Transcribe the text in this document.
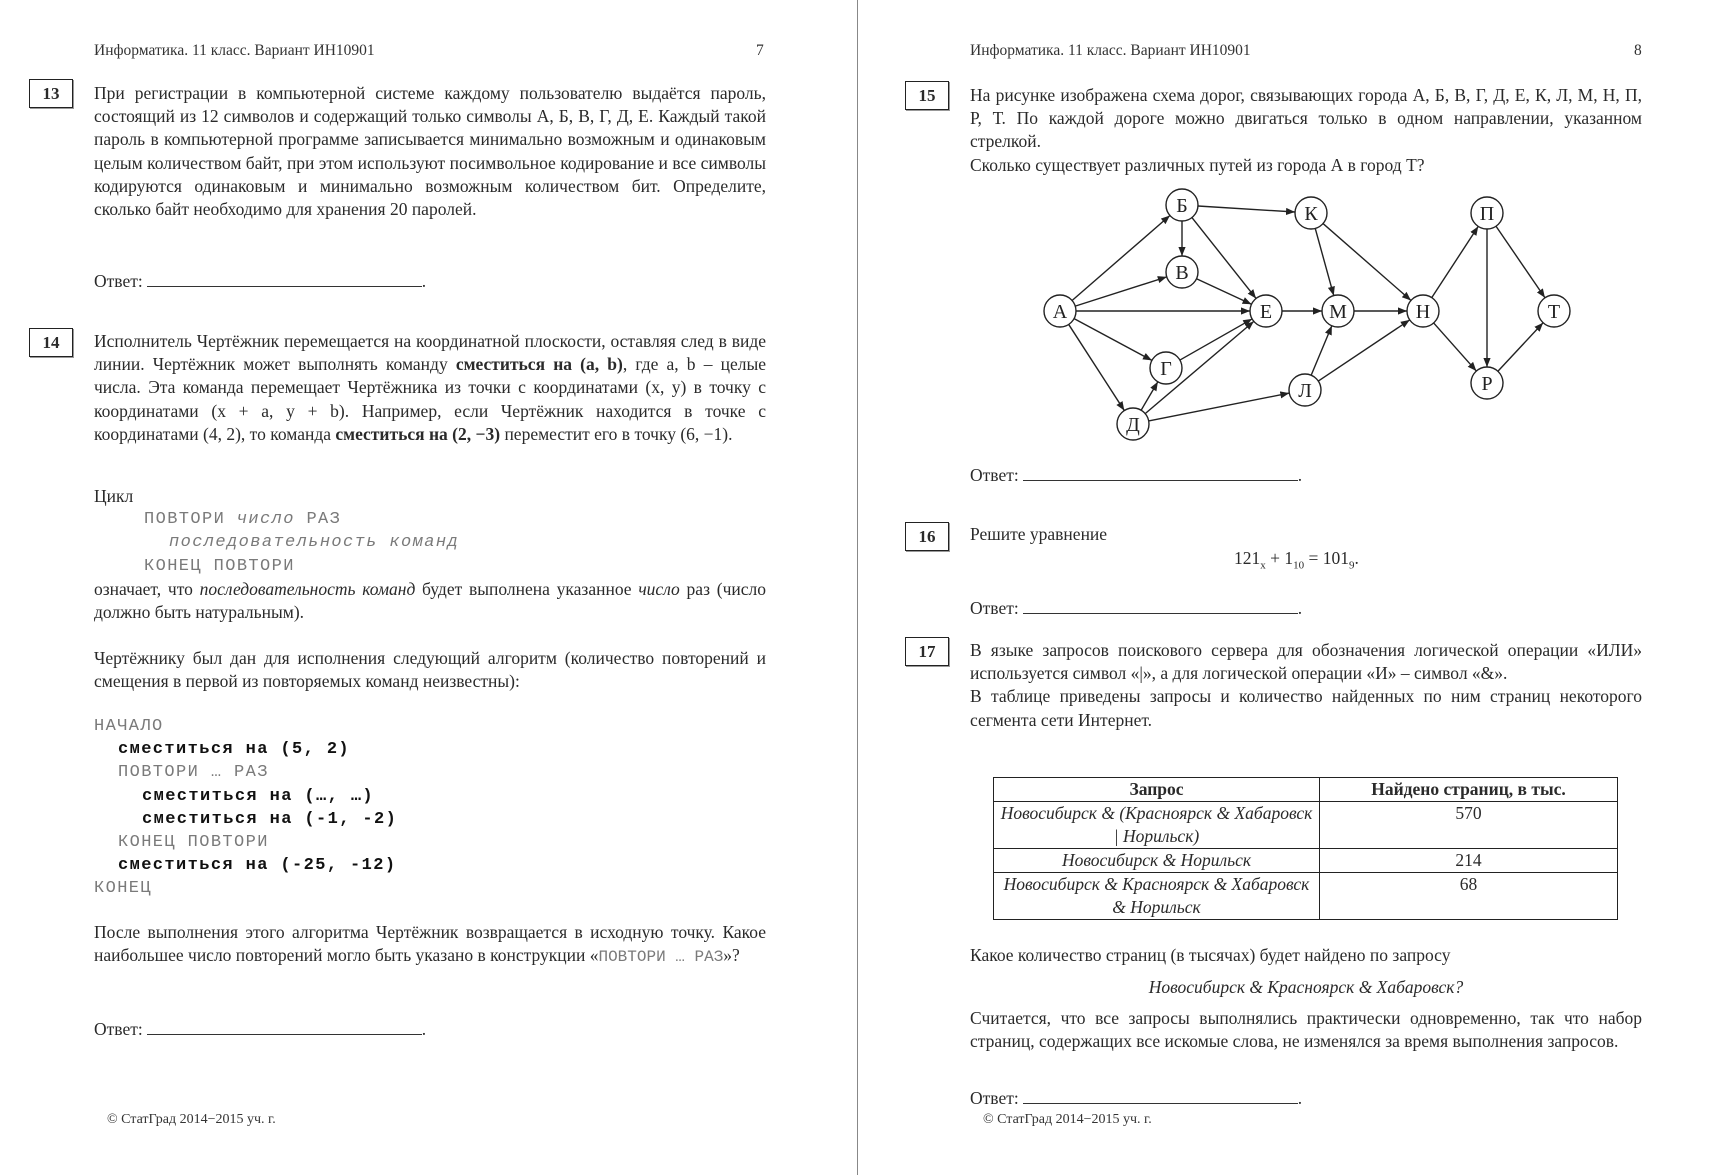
Информатика. 11 класс. Вариант ИН10901	7
13	При регистрации в компьютерной системе каждому пользователю выдаётся пароль, состоящий из 12 символов и содержащий только символы А, Б, В, Г, Д, Е. Каждый такой пароль в компьютерной программе записывается минимально возможным и одинаковым целым количеством байт, при этом используют посимвольное кодирование и все символы кодируются одинаковым и минимально возможным количеством бит. Определите, сколько байт необходимо для хранения 20 паролей.

Ответ:	.
14	Исполнитель Чертёжник перемещается на координатной плоскости, оставляя след в виде линии. Чертёжник может выполнять команду сместиться на (a, b), где a, b – целые числа. Эта команда перемещает Чертёжника из точки с координатами (x, y) в точку с координатами (x + a, y + b). Например, если Чертёжник находится в точке с координатами (4, 2), то команда сместиться на (2, −3) переместит его в точку (6, −1).

Цикл
ПОВТОРИ число РАЗ
последовательность команд
КОНЕЦ ПОВТОРИ

означает, что последовательность команд будет выполнена указанное число раз (число должно быть натуральным).

Чертёжнику был дан для исполнения следующий алгоритм (количество повторений и смещения в первой из повторяемых команд неизвестны):

НАЧАЛО
сместиться на (5, 2)
ПОВТОРИ … РАЗ
сместиться на (…, …)
сместиться на (-1, -2)
КОНЕЦ ПОВТОРИ
сместиться на (-25, -12)
КОНЕЦ

После выполнения этого алгоритма Чертёжник возвращается в исходную точку. Какое наибольшее число повторений могло быть указано в конструкции «ПОВТОРИ … РАЗ»?

Ответ:	.
© СтатГрад 2014−2015 уч. г.
Информатика. 11 класс. Вариант ИН10901	8
15	На рисунке изображена схема дорог, связывающих города А, Б, В, Г, Д, Е, К, Л, М, Н, П, Р, Т. По каждой дороге можно двигаться только в одном направлении, указанном стрелкой.

Сколько существует различных путей из города А в город Т?

А
Б
В
Г
Д
Е
К
Л
М	Н
П
Р
Т
Ответ:	.
16	Решите уравнение

$121_x + 1_{10} = 101_9$.
Ответ:	.
17	В языке запросов поискового сервера для обозначения логической операции «ИЛИ» используется символ «|», а для логической операции «И» – символ «&».

В таблице приведены запросы и количество найденных по ним страниц некоторого сегмента сети Интернет.

Запрос	Найдено страниц, в тыс.
Новосибирск & (Красноярск & Хабаровск | Норильск)	570
Новосибирск & Норильск	214
Новосибирск & Красноярск & Хабаровск & Норильск	68

Какое количество страниц (в тысячах) будет найдено по запросу

Новосибирск & Красноярск & Хабаровск?

Считается, что все запросы выполнялись практически одновременно, так что набор страниц, содержащих все искомые слова, не изменялся за время выполнения запросов.

Ответ:	.
© СтатГрад 2014−2015 уч. г.
